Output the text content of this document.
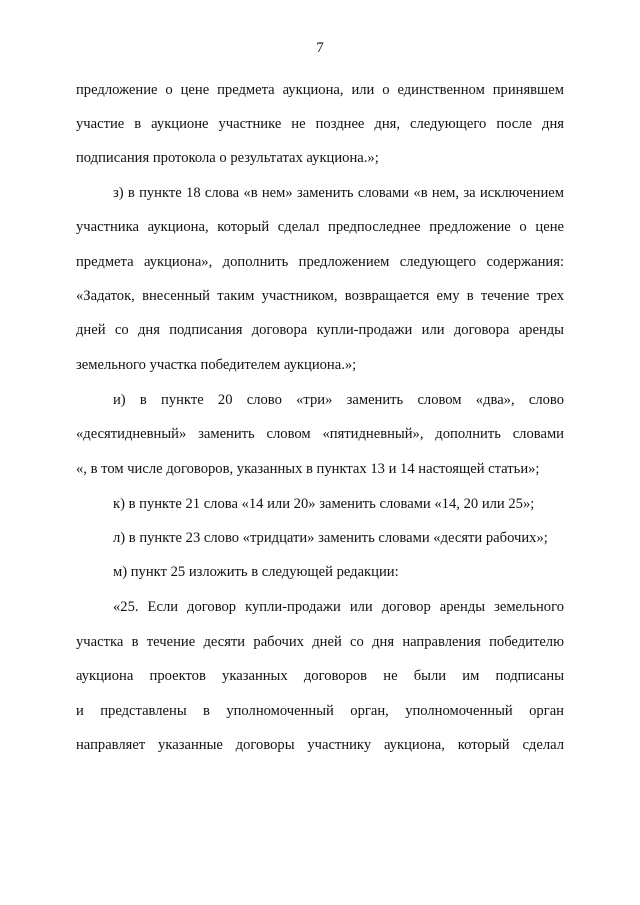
7
предложение о цене предмета аукциона, или о единственном принявшем
участие в аукционе участнике не позднее дня, следующего после дня
подписания протокола о результатах аукциона.»;
з) в пункте 18 слова «в нем» заменить словами «в нем, за исключением
участника аукциона, который сделал предпоследнее предложение о цене
предмета аукциона», дополнить предложением следующего содержания:
«Задаток, внесенный таким участником, возвращается ему в течение трех
дней со дня подписания договора купли-продажи или договора аренды
земельного участка победителем аукциона.»;
и) в пункте 20 слово «три» заменить словом «два», слово
«десятидневный» заменить словом «пятидневный», дополнить словами
«, в том числе договоров, указанных в пунктах 13 и 14 настоящей статьи»;
к) в пункте 21 слова «14 или 20» заменить словами «14, 20 или 25»;
л) в пункте 23 слово «тридцати» заменить словами «десяти рабочих»;
м) пункт 25 изложить в следующей редакции:
«25. Если договор купли-продажи или договор аренды земельного
участка в течение десяти рабочих дней со дня направления победителю
аукциона проектов указанных договоров не были им подписаны
и представлены в уполномоченный орган, уполномоченный орган
направляет указанные договоры участнику аукциона, который сделал
